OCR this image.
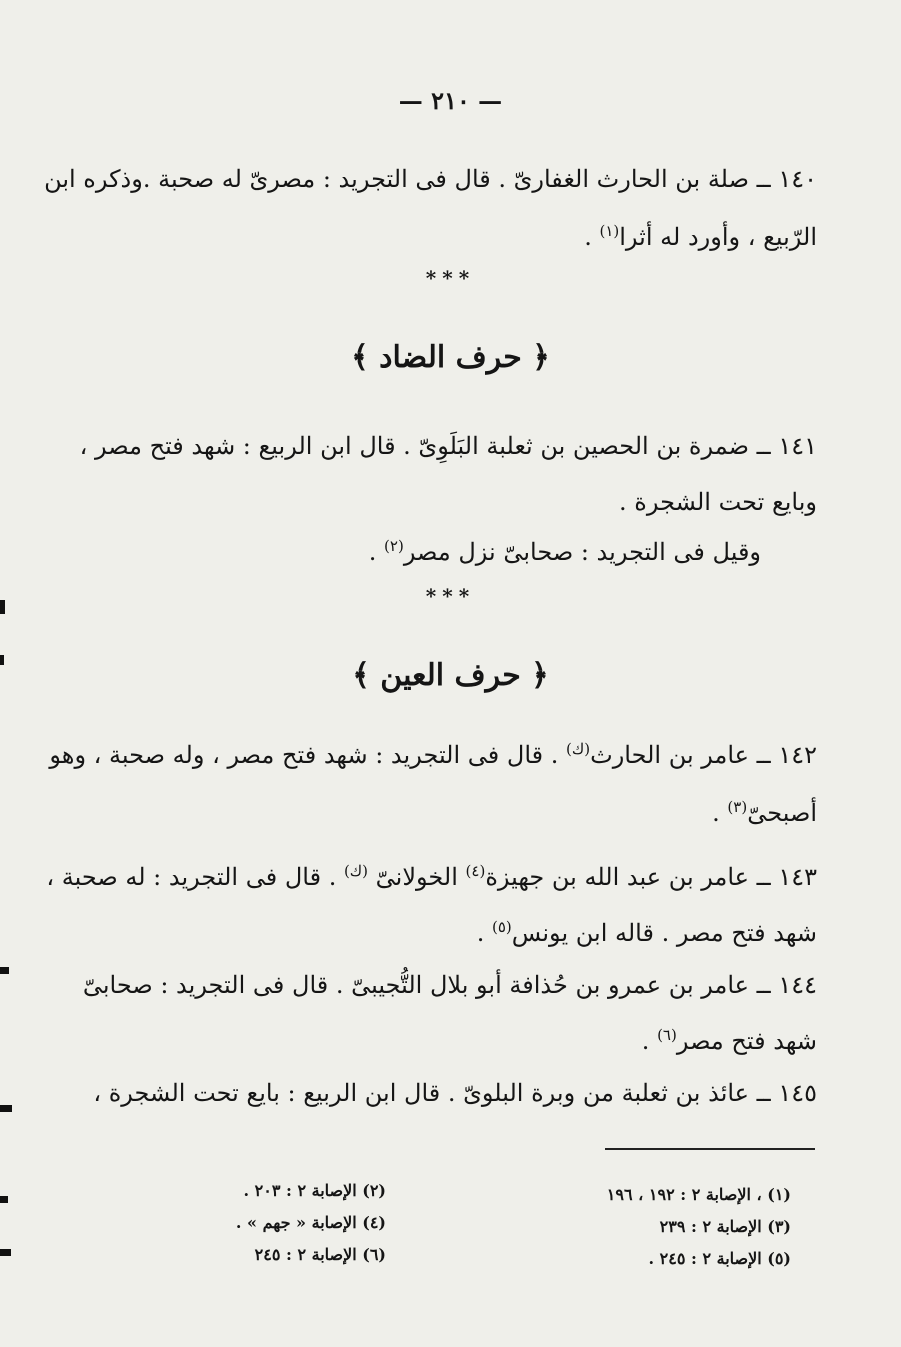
— ٢١٠ —
١٤٠ ــ صلة بن الحارث الغفارىّ . قال فى التجريد : مصرىّ له صحبة .وذكره ابن
الرّبيع ، وأورد له أثرا$^{(١)}$ .
***
﴿ حرف الضاد ﴾
١٤١ ــ ضمرة بن الحصين بن ثعلبة البَلَوِىّ . قال ابن الربيع : شهد فتح مصر ،
وبايع تحت الشجرة .
وقيل فى التجريد : صحابىّ نزل مصر$^{(٢)}$ .
***
﴿ حرف العين ﴾
١٤٢ ــ عامر بن الحارث$^{(ك)}$ . قال فى التجريد : شهد فتح مصر ، وله صحبة ، وهو
أصبحىّ$^{(٣)}$ .
١٤٣ ــ عامر بن عبد الله بن جهيزة$^{(٤)}$ الخولانىّ $^{(ك)}$ . قال فى التجريد : له صحبة ،
شهد فتح مصر . قاله ابن يونس$^{(٥)}$ .
١٤٤ ــ عامر بن عمرو بن حُذافة أبو بلال التُّجيبىّ . قال فى التجريد : صحابىّ
شهد فتح مصر$^{(٦)}$ .
١٤٥ ــ عائذ بن ثعلبة من وبرة البلوىّ . قال ابن الربيع : بايع تحت الشجرة ،
(١) ، الإصابة ٢ : ١٩٢ ، ١٩٦
(٢) الإصابة ٢ : ٢٠٣ .
(٣) الإصابة ٢ : ٢٣٩
(٤) الإصابة « جهم » .
(٥) الإصابة ٢ : ٢٤٥ .
(٦) الإصابة ٢ : ٢٤٥
